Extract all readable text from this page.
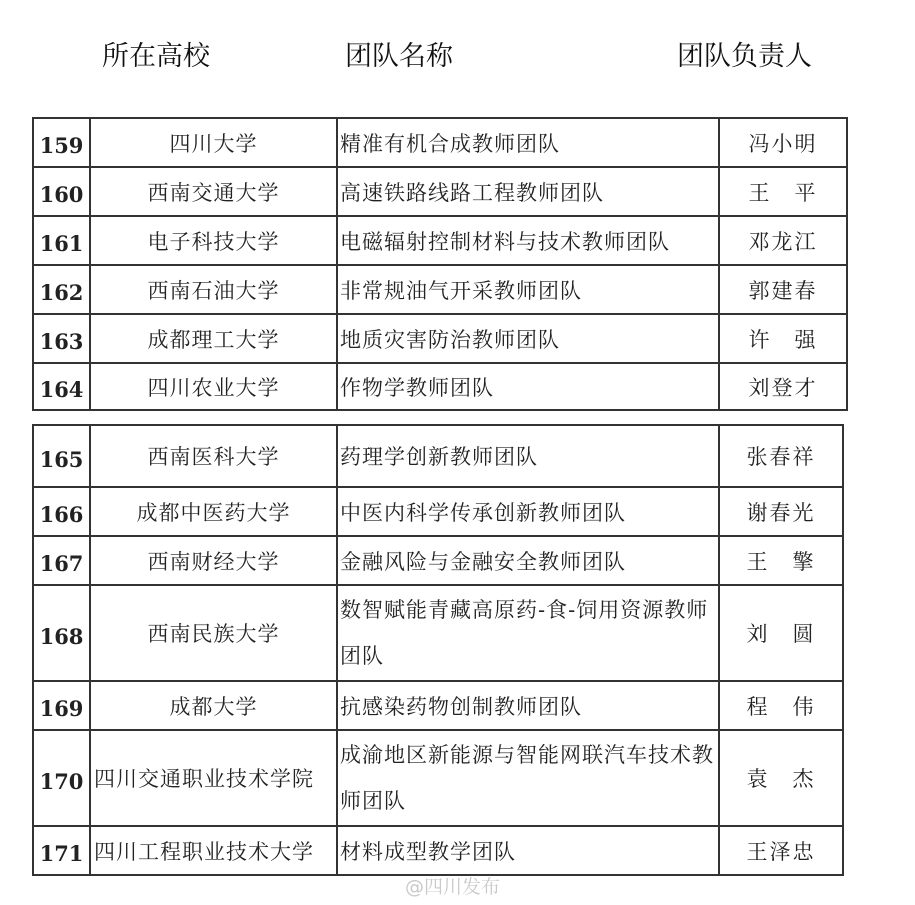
所在高校	团队名称	团队负责人
159	四川大学	精准有机合成教师团队	冯小明
160	西南交通大学	高速铁路线路工程教师团队	王　平
161	电子科技大学	电磁辐射控制材料与技术教师团队	邓龙江
162	西南石油大学	非常规油气开采教师团队	郭建春
163	成都理工大学	地质灾害防治教师团队	许　强
164	四川农业大学	作物学教师团队	刘登才
165	西南医科大学	药理学创新教师团队	张春祥
166	成都中医药大学	中医内科学传承创新教师团队	谢春光
167	西南财经大学	金融风险与金融安全教师团队	王　擎
168	西南民族大学	数智赋能青藏高原药-食-饲用资源教师团队	刘　圆
169	成都大学	抗感染药物创制教师团队	程　伟
170	四川交通职业技术学院	成渝地区新能源与智能网联汽车技术教师团队	袁　杰
171	四川工程职业技术大学	材料成型教学团队	王泽忠
@四川发布
